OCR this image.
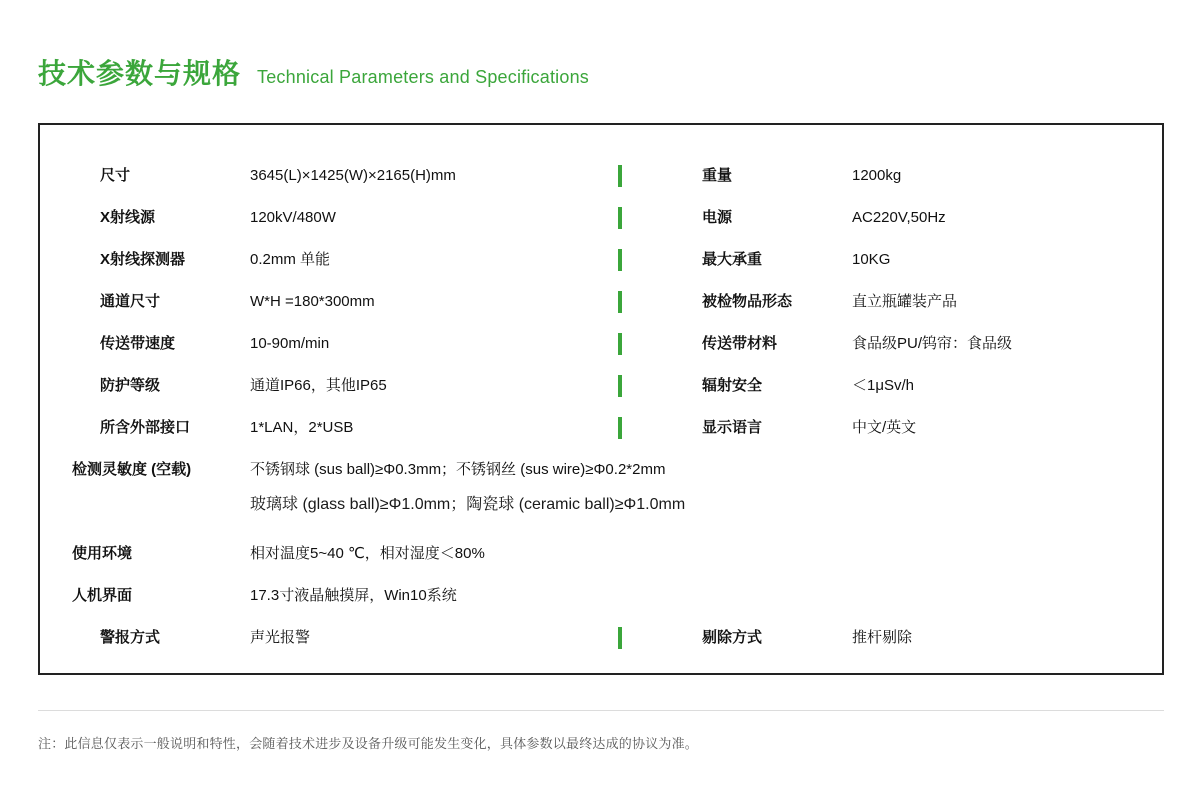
技术参数与规格 Technical Parameters and Specifications
尺寸	3645(L)×1425(W)×2165(H)mm	重量	1200kg
X射线源	120kV/480W	电源	AC220V,50Hz
X射线探测器	0.2mm 单能	最大承重	10KG
通道尺寸	W*H =180*300mm	被检物品形态	直立瓶罐装产品
传送带速度	10-90m/min	传送带材料	食品级PU/钨帘：食品级
防护等级	通道IP66，其他IP65	辐射安全	＜1μSv/h
所含外部接口	1*LAN，2*USB	显示语言	中文/英文
检测灵敏度 (空载)	不锈钢球 (sus ball)≥Φ0.3mm；不锈钢丝 (sus wire)≥Φ0.2*2mm
玻璃球 (glass ball)≥Φ1.0mm；陶瓷球 (ceramic ball)≥Φ1.0mm
使用环境	相对温度5~40 ℃，相对湿度＜80%
人机界面	17.3寸液晶触摸屏，Win10系统
警报方式	声光报警	剔除方式	推杆剔除
注：此信息仅表示一般说明和特性，会随着技术进步及设备升级可能发生变化，具体参数以最终达成的协议为准。
